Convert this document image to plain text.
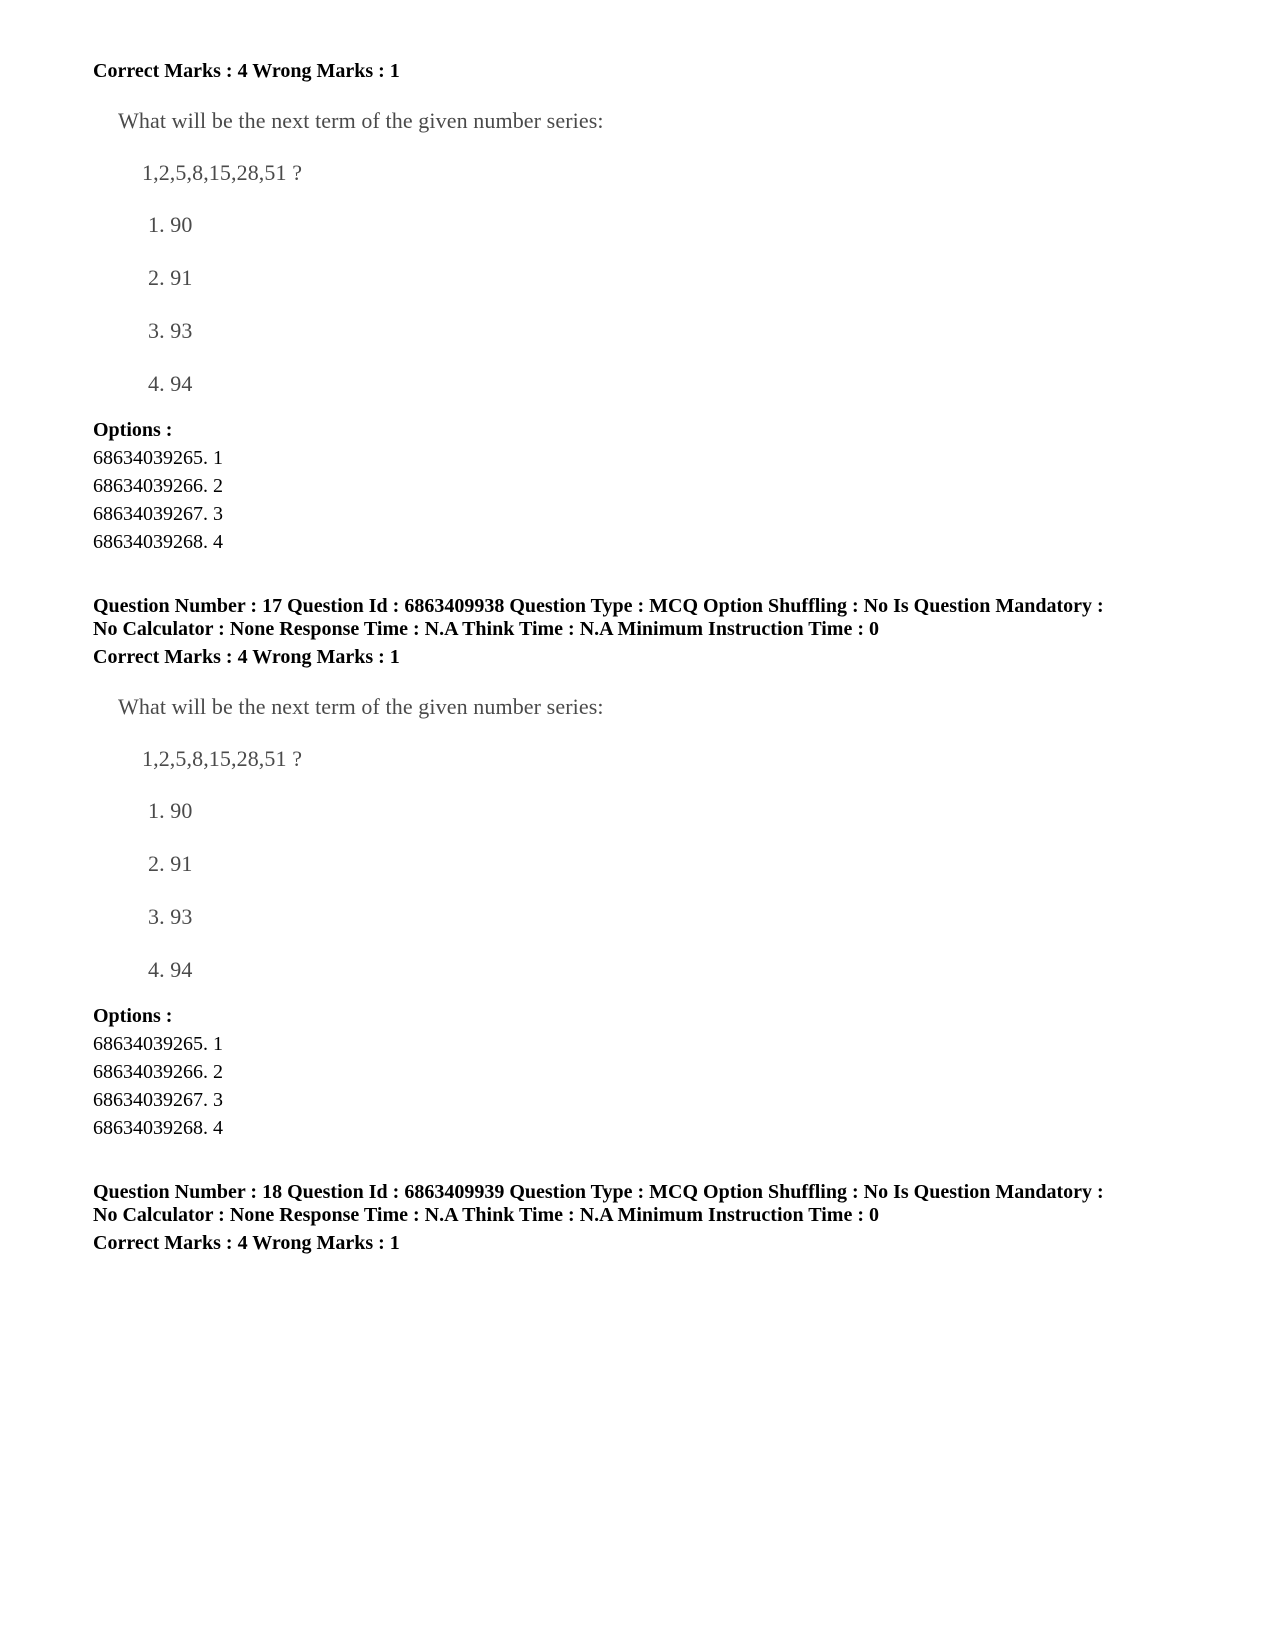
Correct Marks : 4 Wrong Marks : 1
What will be the next term of the given number series:
1,2,5,8,15,28,51 ?
1. 90
2. 91
3. 93
4. 94
Options :
68634039265. 1
68634039266. 2
68634039267. 3
68634039268. 4
Question Number : 17 Question Id : 6863409938 Question Type : MCQ Option Shuffling : No Is Question Mandatory :
No Calculator : None Response Time : N.A Think Time : N.A Minimum Instruction Time : 0
Correct Marks : 4 Wrong Marks : 1
What will be the next term of the given number series:
1,2,5,8,15,28,51 ?
1. 90
2. 91
3. 93
4. 94
Options :
68634039265. 1
68634039266. 2
68634039267. 3
68634039268. 4
Question Number : 18 Question Id : 6863409939 Question Type : MCQ Option Shuffling : No Is Question Mandatory :
No Calculator : None Response Time : N.A Think Time : N.A Minimum Instruction Time : 0
Correct Marks : 4 Wrong Marks : 1
